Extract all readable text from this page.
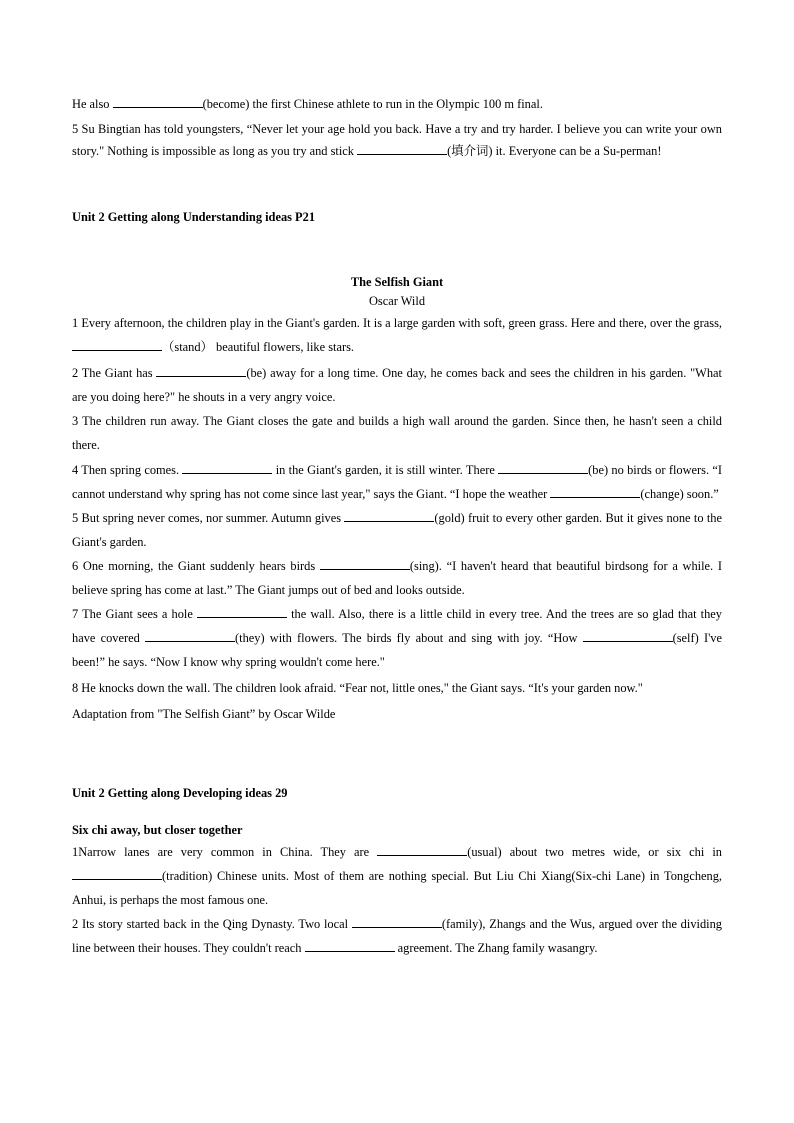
He also	(become) the first Chinese athlete to run in the Olympic 100 m final.

5 Su Bingtian has told youngsters, “Never let your age hold you back. Have a try and try harder. I believe you can write your own story." Nothing is impossible as long as you try and stick	(填介词) it. Everyone can be a Su-perman!

Unit 2 Getting along Understanding ideas P21

The Selfish Giant

Oscar Wild

1 Every afternoon, the children play in the Giant's garden. It is a large garden with soft, green grass. Here and there, over the grass, （stand） beautiful flowers, like stars.

2 The Giant has	(be) away for a long time. One day, he comes back and sees the children in his garden. "What are you doing here?" he shouts in a very angry voice.

3 The children run away. The Giant closes the gate and builds a high wall around the garden. Since then, he hasn't seen a child there.

4 Then spring comes.	in the Giant's garden, it is still winter. There	(be) no birds or flowers. “I cannot understand why spring has not come since last year," says the Giant. “I hope the weather	(change) soon.”

5 But spring never comes, nor summer. Autumn gives	(gold) fruit to every other garden. But it gives none to the Giant's garden.

6 One morning, the Giant suddenly hears birds	(sing). “I haven't heard that beautiful birdsong for a while. I believe spring has come at last.” The Giant jumps out of bed and looks outside.

7 The Giant sees a hole	the wall. Also, there is a little child in every tree. And the trees are so glad that they have covered	(they) with flowers. The birds fly about and sing with joy. “How	(self) I've been!” he says. “Now I know why spring wouldn't come here."

8 He knocks down the wall. The children look afraid. “Fear not, little ones," the Giant says. “It's your garden now."

Adaptation from "The Selfish Giant” by Oscar Wilde

Unit 2 Getting along Developing ideas 29

Six chi away, but closer together

1Narrow lanes are very common in China. They are	(usual) about two metres wide, or six chi in (tradition) Chinese units. Most of them are nothing special. But Liu Chi Xiang(Six-chi Lane) in Tongcheng, Anhui, is perhaps the most famous one.

2 Its story started back in the Qing Dynasty. Two local	(family), Zhangs and the Wus, argued over the dividing line between their houses. They couldn't reach	agreement. The Zhang family wasangry.
